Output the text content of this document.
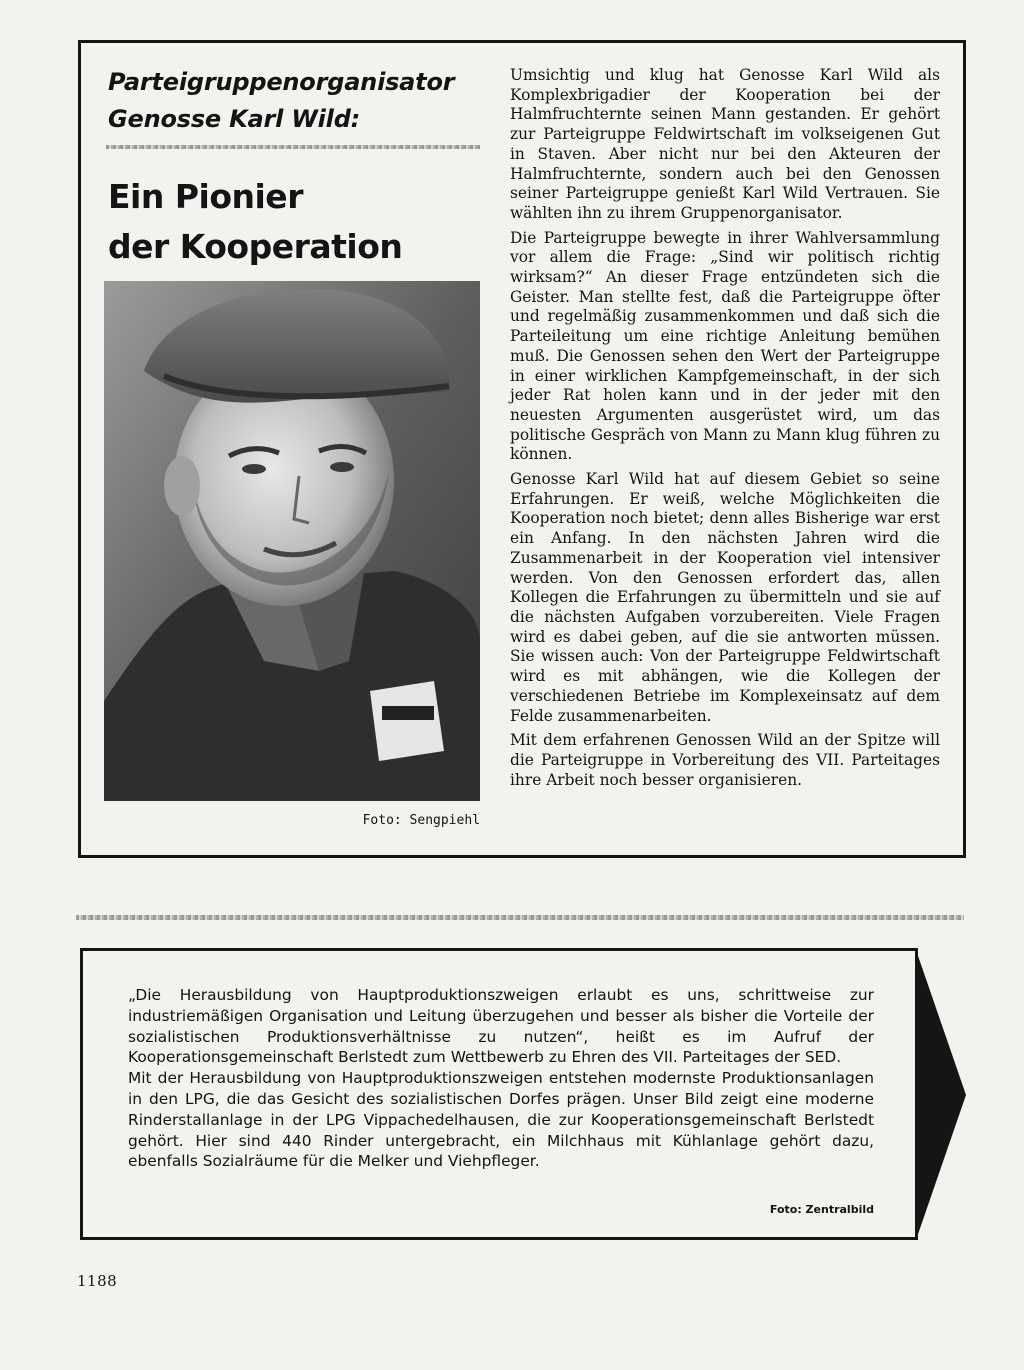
Parteigruppenorganisator
Genosse Karl Wild:
Ein Pionier
der Kooperation
Foto: Sengpiehl

Umsichtig und klug hat Genosse Karl Wild als Komplexbrigadier der Kooperation bei der Halmfruchternte seinen Mann gestanden. Er gehört zur Parteigruppe Feldwirtschaft im volkseigenen Gut in Staven. Aber nicht nur bei den Akteuren der Halmfruchternte, sondern auch bei den Genossen seiner Parteigruppe genießt Karl Wild Vertrauen. Sie wählten ihn zu ihrem Gruppenorganisator.

Die Parteigruppe bewegte in ihrer Wahlversammlung vor allem die Frage: „Sind wir politisch richtig wirksam?“ An dieser Frage entzündeten sich die Geister. Man stellte fest, daß die Parteigruppe öfter und regelmäßig zusammenkommen und daß sich die Parteileitung um eine richtige Anleitung bemühen muß. Die Genossen sehen den Wert der Parteigruppe in einer wirklichen Kampfgemeinschaft, in der sich jeder Rat holen kann und in der jeder mit den neuesten Argumenten ausgerüstet wird, um das politische Gespräch von Mann zu Mann klug führen zu können.

Genosse Karl Wild hat auf diesem Gebiet so seine Erfahrungen. Er weiß, welche Möglichkeiten die Kooperation noch bietet; denn alles Bisherige war erst ein Anfang. In den nächsten Jahren wird die Zusammenarbeit in der Kooperation viel intensiver werden. Von den Genossen erfordert das, allen Kollegen die Erfahrungen zu übermitteln und sie auf die nächsten Aufgaben vorzubereiten. Viele Fragen wird es dabei geben, auf die sie antworten müssen. Sie wissen auch: Von der Parteigruppe Feldwirtschaft wird es mit abhängen, wie die Kollegen der verschiedenen Betriebe im Komplexeinsatz auf dem Felde zusammenarbeiten.

Mit dem erfahrenen Genossen Wild an der Spitze will die Parteigruppe in Vorbereitung des VII. Parteitages ihre Arbeit noch besser organisieren.

„Die Herausbildung von Hauptproduktionszweigen erlaubt es uns, schrittweise zur industriemäßigen Organisation und Leitung überzugehen und besser als bisher die Vorteile der sozialistischen Produktionsverhältnisse zu nutzen“, heißt es im Aufruf der Kooperationsgemeinschaft Berlstedt zum Wettbewerb zu Ehren des VII. Parteitages der SED.

Mit der Herausbildung von Hauptproduktionszweigen entstehen modernste Produktionsanlagen in den LPG, die das Gesicht des sozialistischen Dorfes prägen. Unser Bild zeigt eine moderne Rinderstallanlage in der LPG Vippachedelhausen, die zur Kooperationsgemeinschaft Berlstedt gehört. Hier sind 440 Rinder untergebracht, ein Milchhaus mit Kühlanlage gehört dazu, ebenfalls Sozialräume für die Melker und Viehpfleger.

Foto: Zentralbild
1188
